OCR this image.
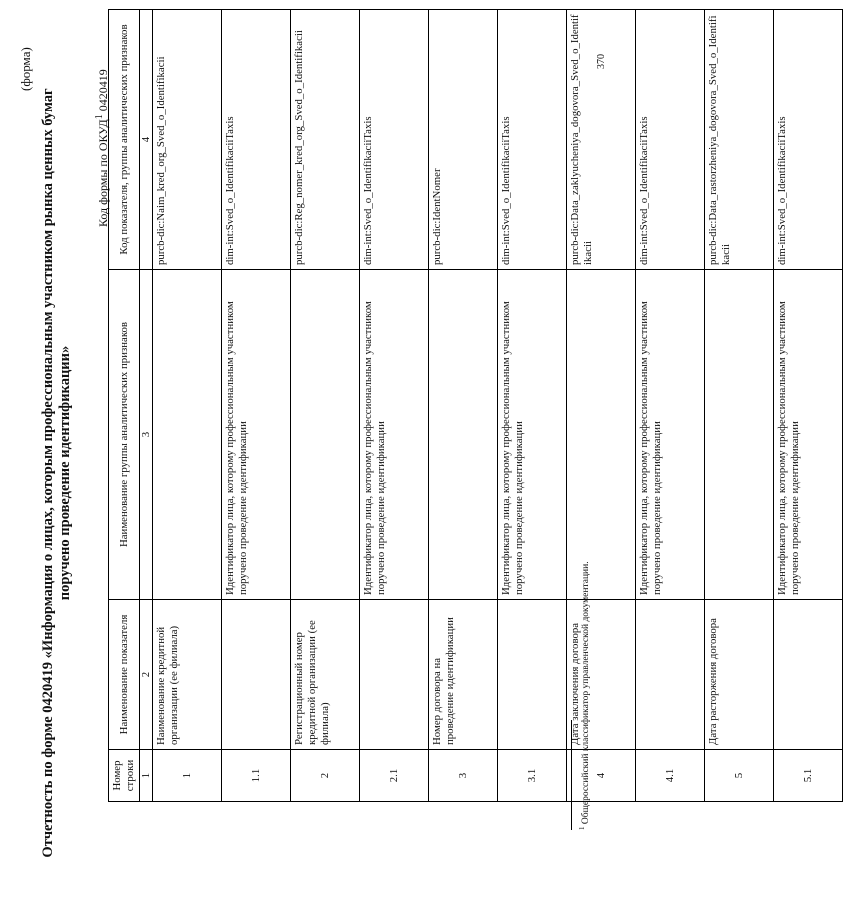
(форма)	370
Отчетность по форме 0420419 «Информация о лицах, которым профессиональным участником рынка ценных бумаг поручено проведение идентификации»
Код формы по ОКУД$^1$ 0420419
Номер строки	Наименование показателя	Наименование группы аналитических признаков	Код показателя, группы аналитических признаков
1	2	3	4
1	Наименование кредитной организации (ее филиала)		purcb-dic:Naim_kred_org_Sved_o_Identifikacii
1.1		Идентификатор лица, которому профессиональным участником поручено проведение идентификации	dim-int:Sved_o_IdentifikaciiTaxis
2	Регистрационный номер кредитной организации (ее филиала)		purcb-dic:Reg_nomer_kred_org_Sved_o_Identifikacii
2.1		Идентификатор лица, которому профессиональным участником поручено проведение идентификации	dim-int:Sved_o_IdentifikaciiTaxis
3	Номер договора на проведение идентификации		purcb-dic:IdentNomer
3.1		Идентификатор лица, которому профессиональным участником поручено проведение идентификации	dim-int:Sved_o_IdentifikaciiTaxis
4	Дата заключения договора		purcb-dic:Data_zaklyucheniya_dogovora_Sved_o_Identifikacii
4.1		Идентификатор лица, которому профессиональным участником поручено проведение идентификации	dim-int:Sved_o_IdentifikaciiTaxis
5	Дата расторжения договора		purcb-dic:Data_rastorzheniya_dogovora_Sved_o_Identifikacii
5.1		Идентификатор лица, которому профессиональным участником поручено проведение идентификации	dim-int:Sved_o_IdentifikaciiTaxis
$^1$ Общероссийский классификатор управленческой документации.
